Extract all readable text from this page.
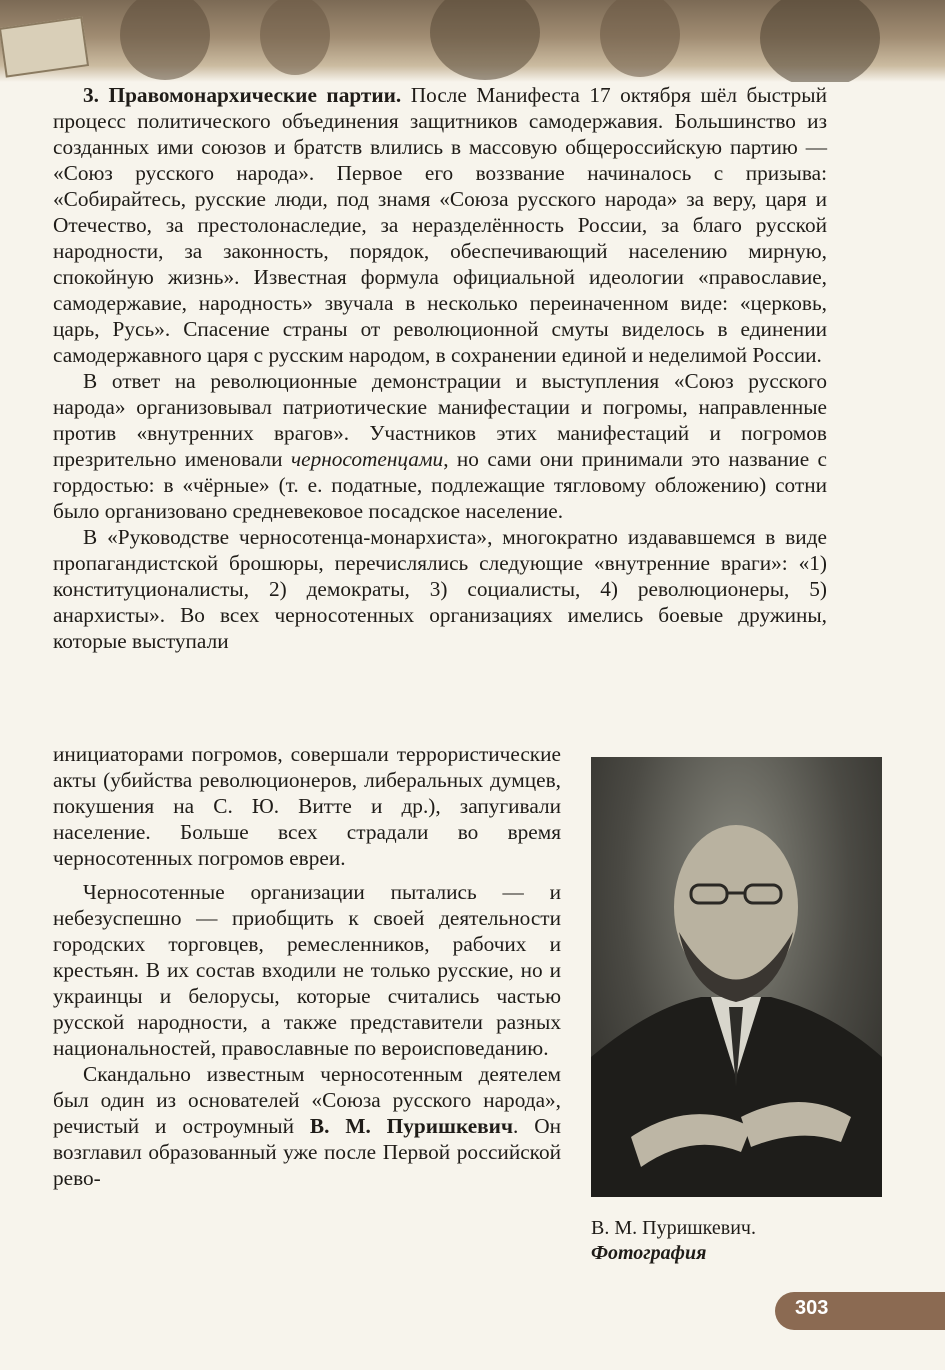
3. Правомонархические партии. После Манифеста 17 октября шёл быстрый процесс политического объединения защитников самодержавия. Большинство из созданных ими союзов и братств влились в массовую общероссийскую партию — «Союз русского народа». Первое его воззвание начиналось с призыва: «Собирайтесь, русские люди, под знамя «Союза русского народа» за веру, царя и Отечество, за престолонаследие, за неразделённость России, за благо русской народности, за законность, порядок, обеспечивающий населению мирную, спокойную жизнь». Известная формула официальной идеологии «православие, самодержавие, народность» звучала в несколько переиначенном виде: «церковь, царь, Русь». Спасение страны от революционной смуты виделось в единении самодержавного царя с русским народом, в сохранении единой и неделимой России.

В ответ на революционные демонстрации и выступления «Союз русского народа» организовывал патриотические манифестации и погромы, направленные против «внутренних врагов». Участников этих манифестаций и погромов презрительно именовали черносотенцами, но сами они принимали это название с гордостью: в «чёрные» (т. е. податные, подлежащие тягловому обложению) сотни было организовано средневековое посадское население.

В «Руководстве черносотенца-монархиста», многократно издававшемся в виде пропагандистской брошюры, перечислялись следующие «внутренние враги»: «1) конституционалисты, 2) демократы, 3) социалисты, 4) революционеры, 5) анархисты». Во всех черносотенных организациях имелись боевые дружины, которые выступали

инициаторами погромов, совершали террористические акты (убийства революционеров, либеральных думцев, покушения на С. Ю. Витте и др.), запугивали население. Больше всех страдали во время черносотенных погромов евреи.

Черносотенные организации пытались — и небезуспешно — приобщить к своей деятельности городских торговцев, ремесленников, рабочих и крестьян. В их состав входили не только русские, но и украинцы и белорусы, которые считались частью русской народности, а также представители разных национальностей, православные по вероисповеданию.

Скандально известным черносотенным деятелем был один из основателей «Союза русского народа», речистый и остроумный В. М. Пуришкевич. Он возглавил образованный уже после Первой российской рево-

В. М. Пуришкевич.
Фотография
303
